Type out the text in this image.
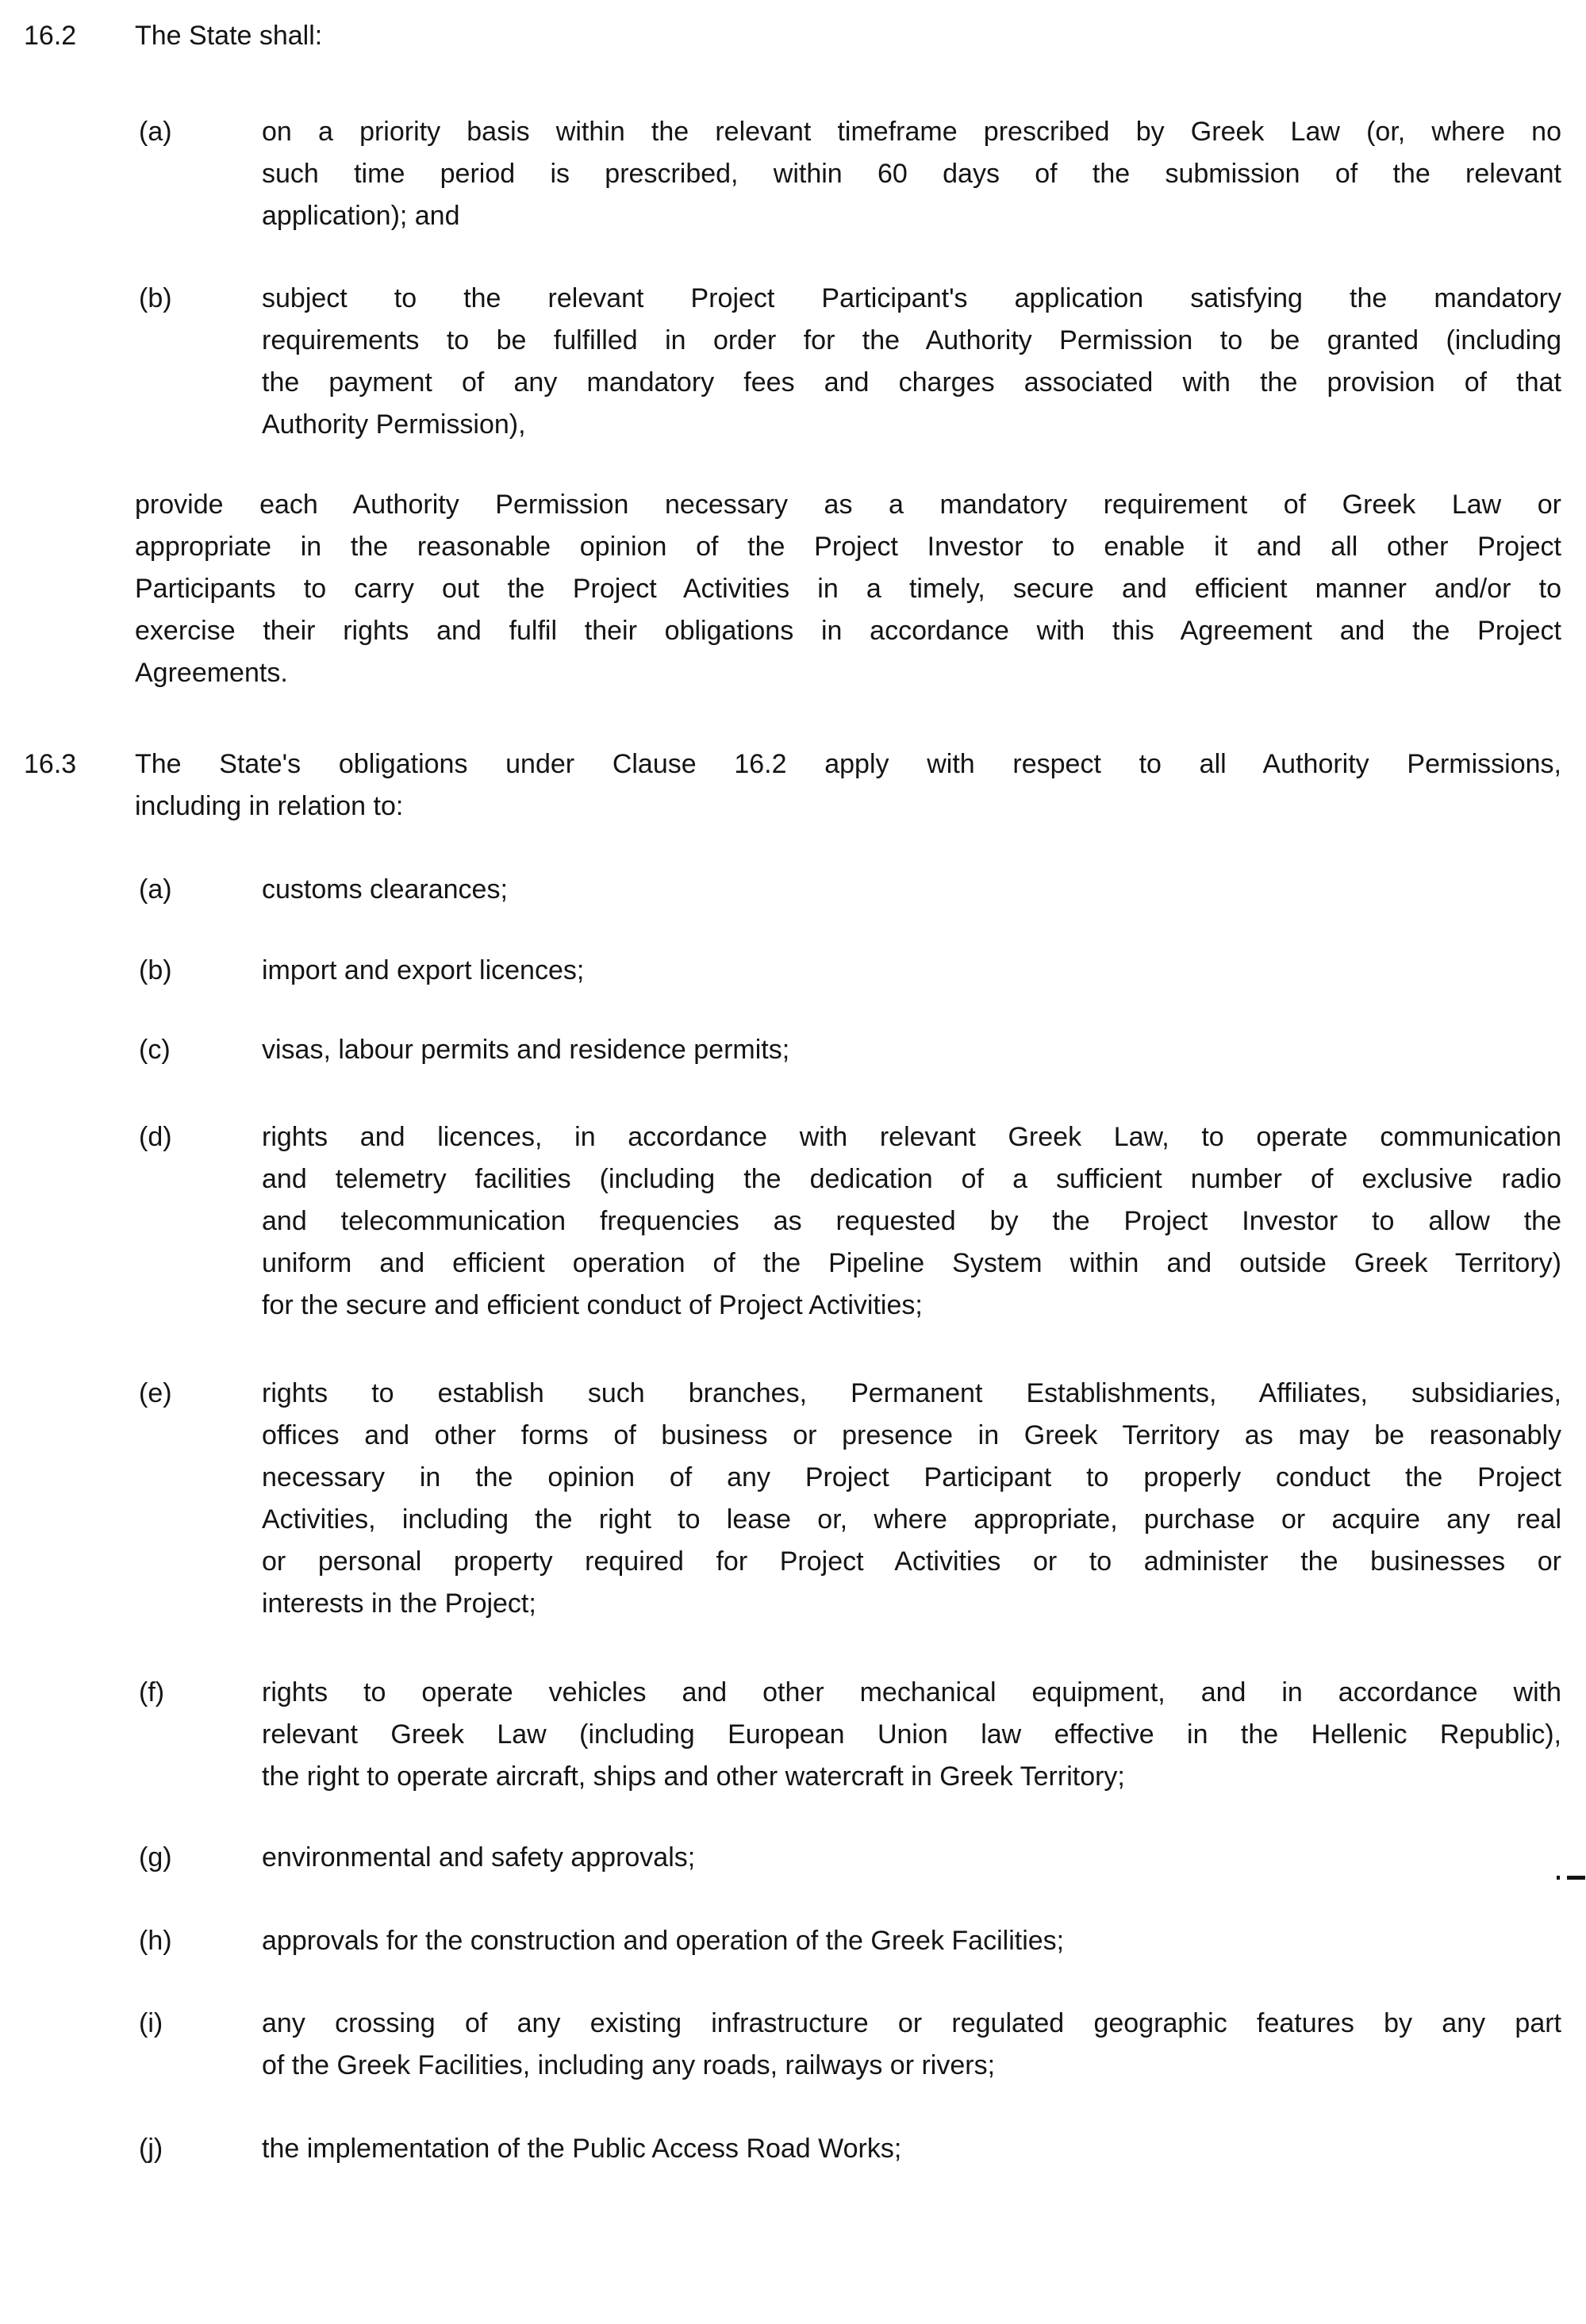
16.2	The State shall:
(a)	on a priority basis within the relevant timeframe prescribed by Greek Law (or, where no
such time period is prescribed, within 60 days of the submission of the relevant
application); and
(b)	subject to the relevant Project Participant's application satisfying the mandatory
requirements to be fulfilled in order for the Authority Permission to be granted (including
the payment of any mandatory fees and charges associated with the provision of that
Authority Permission),
provide each Authority Permission necessary as a mandatory requirement of Greek Law or
appropriate in the reasonable opinion of the Project Investor to enable it and all other Project
Participants to carry out the Project Activities in a timely, secure and efficient manner and/or to
exercise their rights and fulfil their obligations in accordance with this Agreement and the Project
Agreements.
16.3	The State's obligations under Clause 16.2 apply with respect to all Authority Permissions,
including in relation to:
(a)	customs clearances;
(b)	import and export licences;
(c)	visas, labour permits and residence permits;
(d)	rights and licences, in accordance with relevant Greek Law, to operate communication
and telemetry facilities (including the dedication of a sufficient number of exclusive radio
and telecommunication frequencies as requested by the Project Investor to allow the
uniform and efficient operation of the Pipeline System within and outside Greek Territory)
for the secure and efficient conduct of Project Activities;
(e)	rights to establish such branches, Permanent Establishments, Affiliates, subsidiaries,
offices and other forms of business or presence in Greek Territory as may be reasonably
necessary in the opinion of any Project Participant to properly conduct the Project
Activities, including the right to lease or, where appropriate, purchase or acquire any real
or personal property required for Project Activities or to administer the businesses or
interests in the Project;
(f)	rights to operate vehicles and other mechanical equipment, and in accordance with
relevant Greek Law (including European Union law effective in the Hellenic Republic),
the right to operate aircraft, ships and other watercraft in Greek Territory;
(g)	environmental and safety approvals;
(h)	approvals for the construction and operation of the Greek Facilities;
(i)	any crossing of any existing infrastructure or regulated geographic features by any part
of the Greek Facilities, including any roads, railways or rivers;
(j)	the implementation of the Public Access Road Works;
